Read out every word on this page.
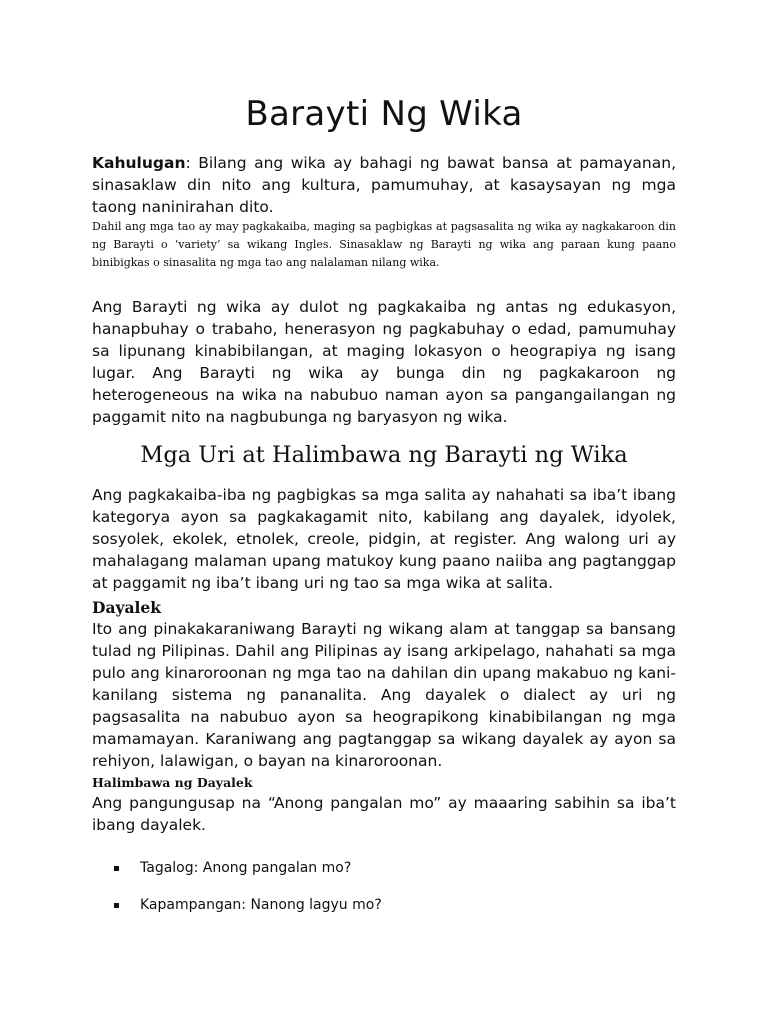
Barayti Ng Wika

Kahulugan: Bilang ang wika ay bahagi ng bawat bansa at pamayanan, sinasaklaw din nito ang kultura, pamumuhay, at kasaysayan ng mga taong naninirahan dito.

Dahil ang mga tao ay may pagkakaiba, maging sa pagbigkas at pagsasalita ng wika ay nagkakaroon din ng Barayti o ‘variety’ sa wikang Ingles. Sinasaklaw ng Barayti ng wika ang paraan kung paano binibigkas o sinasalita ng mga tao ang nalalaman nilang wika.

Ang Barayti ng wika ay dulot ng pagkakaiba ng antas ng edukasyon, hanapbuhay o trabaho, henerasyon ng pagkabuhay o edad, pamumuhay sa lipunang kinabibilangan, at maging lokasyon o heograpiya ng isang lugar. Ang Barayti ng wika ay bunga din ng pagkakaroon ng heterogeneous na wika na nabubuo naman ayon sa pangangailangan ng paggamit nito na nagbubunga ng baryasyon ng wika.

Mga Uri at Halimbawa ng Barayti ng Wika

Ang pagkakaiba-iba ng pagbigkas sa mga salita ay nahahati sa iba’t ibang kategorya ayon sa pagkakagamit nito, kabilang ang dayalek, idyolek, sosyolek, ekolek, etnolek, creole, pidgin, at register. Ang walong uri ay mahalagang malaman upang matukoy kung paano naiiba ang pagtanggap at paggamit ng iba’t ibang uri ng tao sa mga wika at salita.

Dayalek

Ito ang pinakakaraniwang Barayti ng wikang alam at tanggap sa bansang tulad ng Pilipinas. Dahil ang Pilipinas ay isang arkipelago, nahahati sa mga pulo ang kinaroroonan ng mga tao na dahilan din upang makabuo ng kani-kanilang sistema ng pananalita. Ang dayalek o dialect ay uri ng pagsasalita na nabubuo ayon sa heograpikong kinabibilangan ng mga mamamayan. Karaniwang ang pagtanggap sa wikang dayalek ay ayon sa rehiyon, lalawigan, o bayan na kinaroroonan.

Halimbawa ng Dayalek

Ang pangungusap na “Anong pangalan mo” ay maaaring sabihin sa iba’t ibang dayalek.

Tagalog: Anong pangalan mo?
Kapampangan: Nanong lagyu mo?
